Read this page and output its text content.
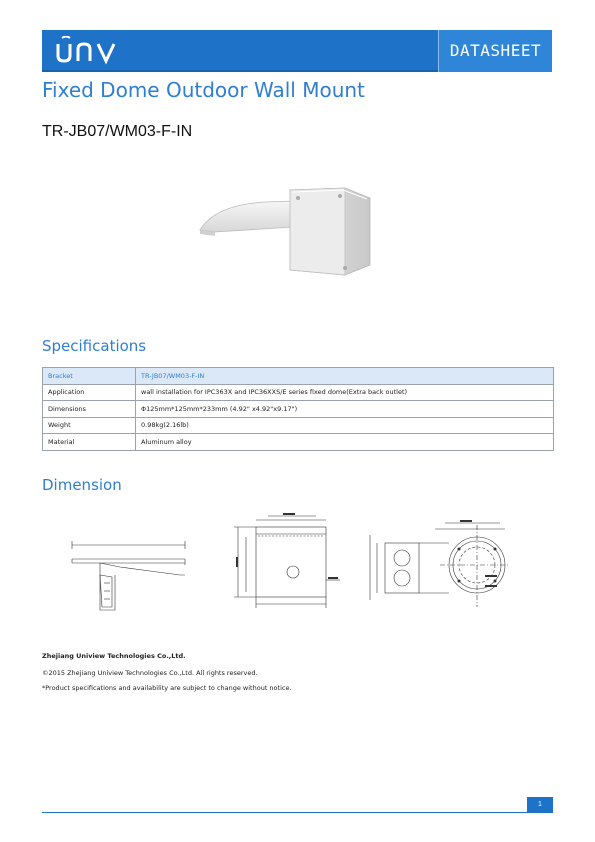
DATASHEET
Fixed Dome Outdoor Wall Mount
TR-JB07/WM03-F-IN
Specifications
Bracket	TR-JB07/WM03-F-IN
Application	wall installation for IPC363X and IPC36XXS/E series fixed dome(Extra back outlet)
Dimensions	Φ125mm*125mm*233mm (4.92" x4.92"x9.17")
Weight	0.98kg(2.16lb)
Material	Aluminum alloy
Dimension
Zhejiang Uniview Technologies Co.,Ltd.
©2015 Zhejiang Uniview Technologies Co.,Ltd. All rights reserved.
*Product specifications and availability are subject to change without notice.
1
